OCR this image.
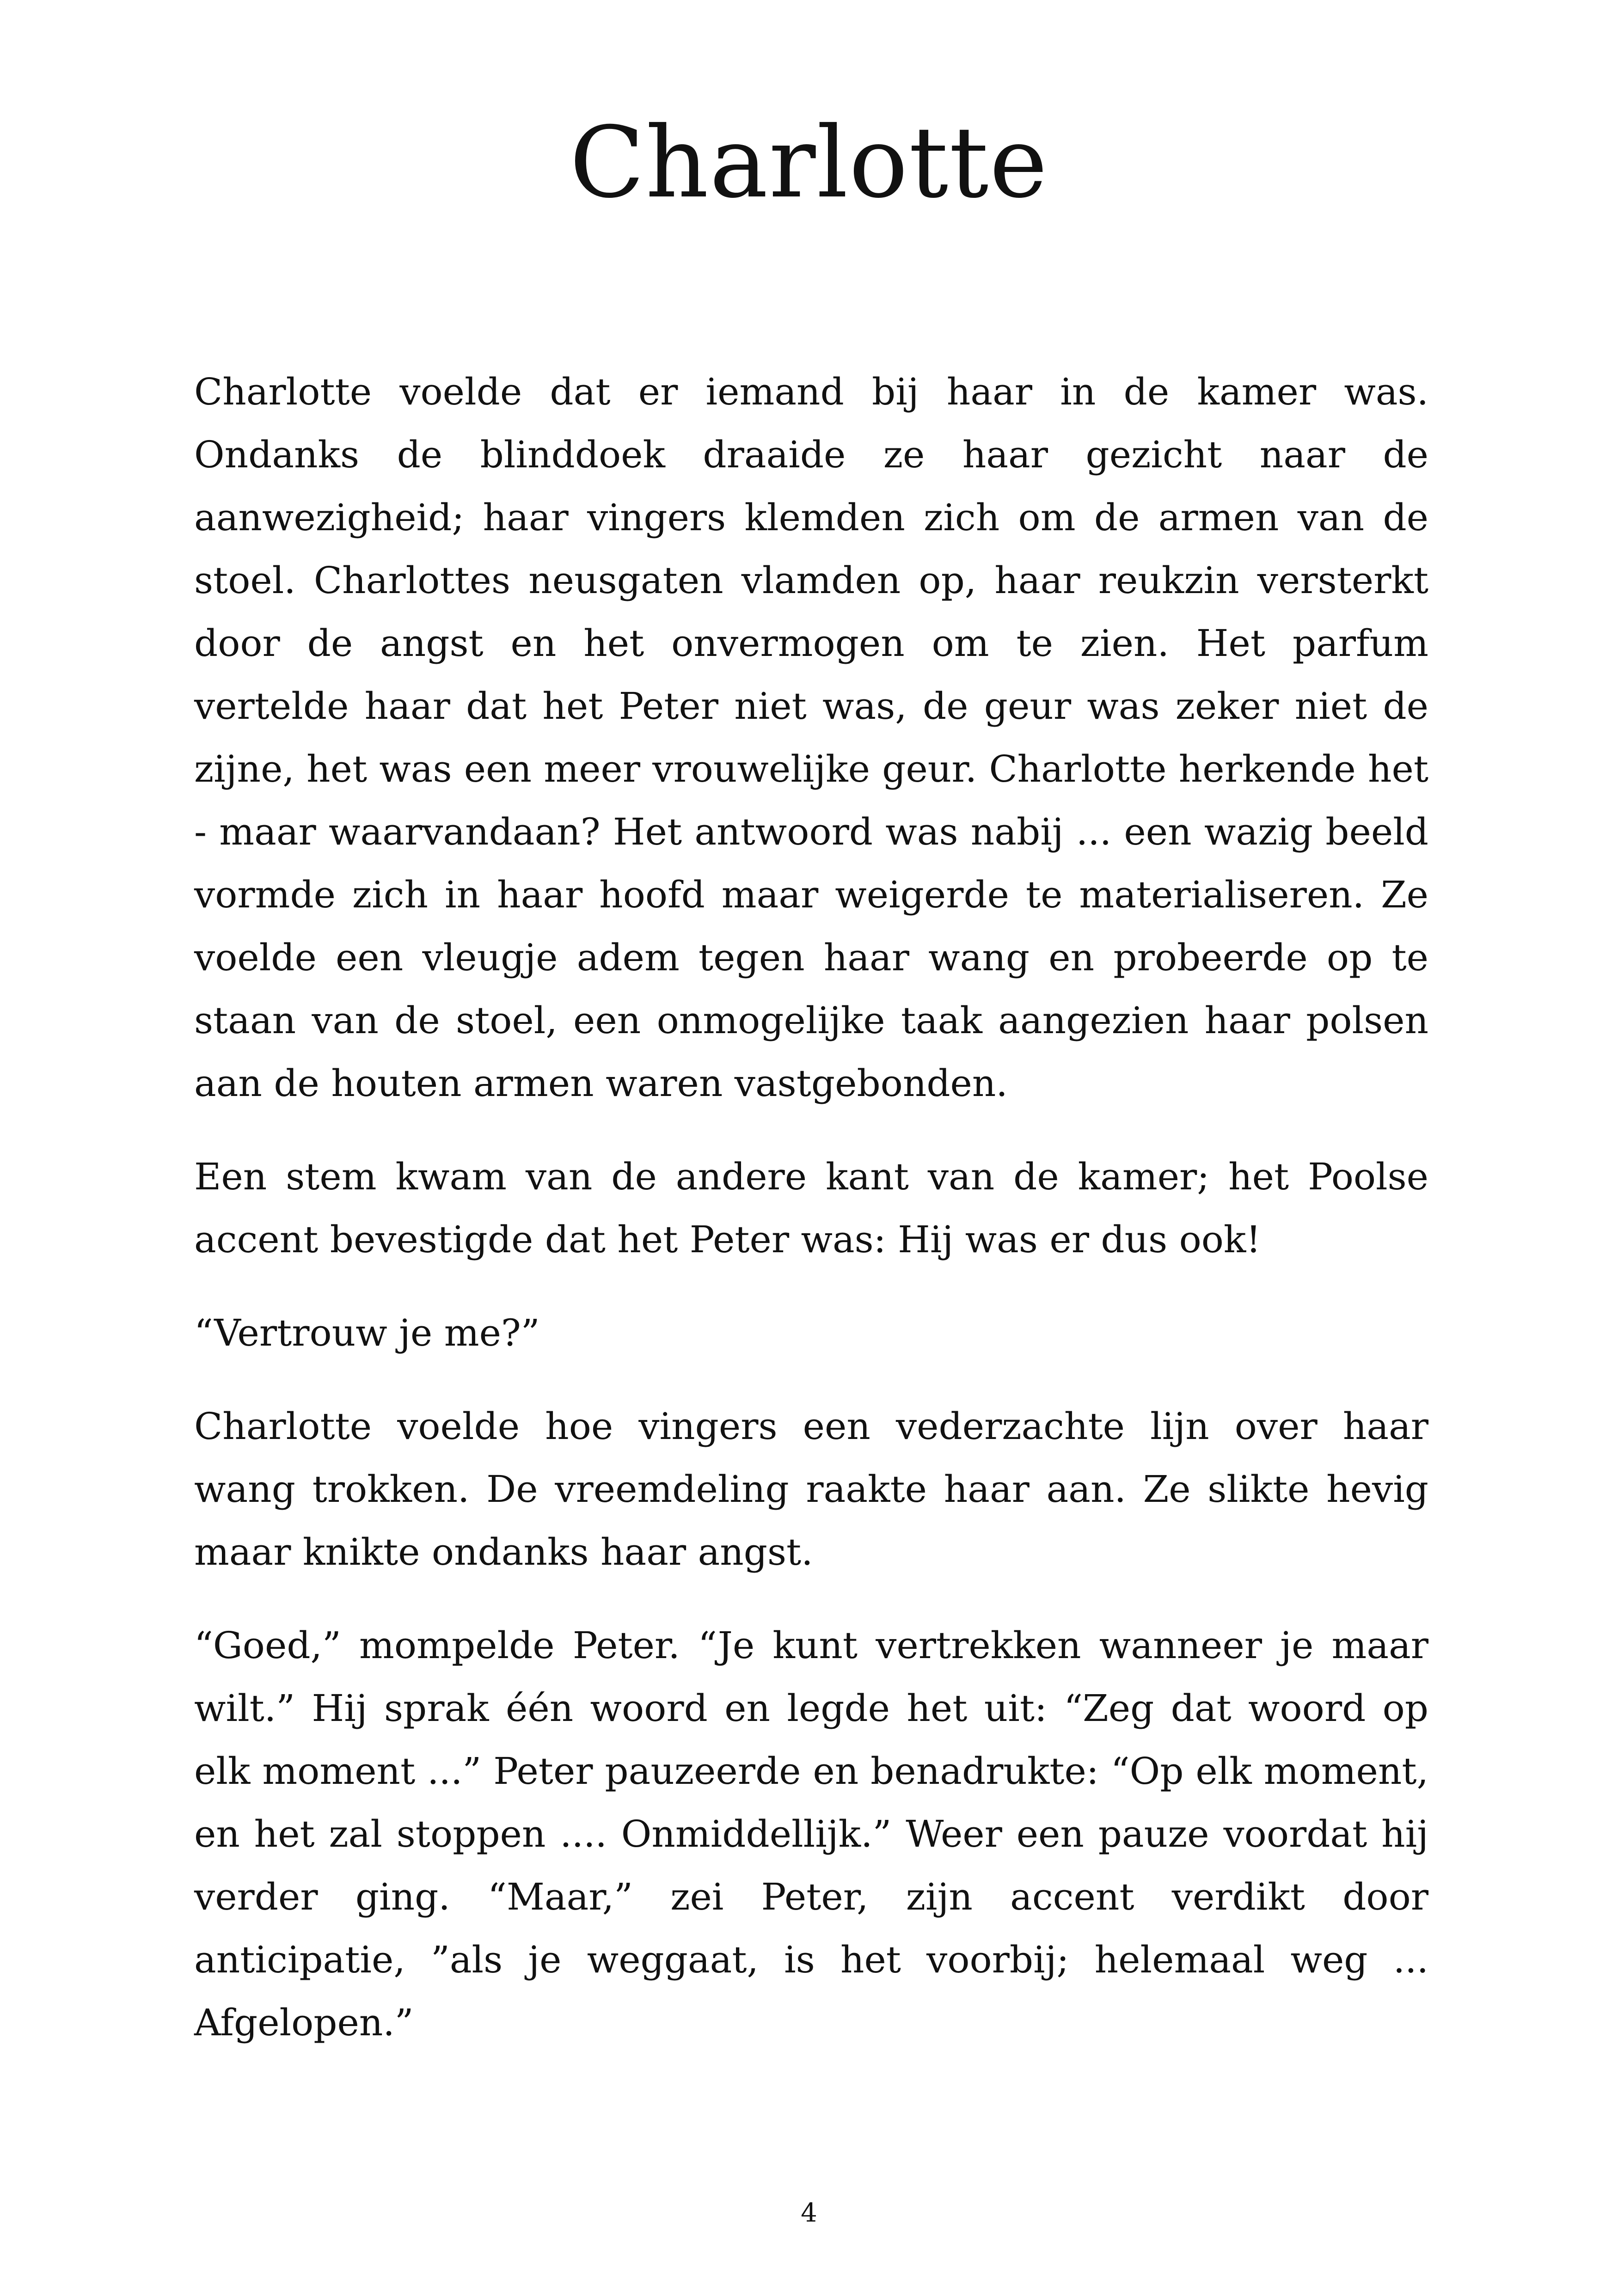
Charlotte

Charlotte voelde dat er iemand bij haar in de kamer was. Ondanks de blinddoek draaide ze haar gezicht naar de aanwezigheid; haar vingers klemden zich om de armen van de stoel. Charlottes neusgaten vlamden op, haar reukzin versterkt door de angst en het onvermogen om te zien. Het parfum vertelde haar dat het Peter niet was, de geur was zeker niet de zijne, het was een meer vrouwelijke geur. Charlotte herkende het - maar waarvandaan? Het antwoord was nabij ... een wazig beeld vormde zich in haar hoofd maar weigerde te materialiseren. Ze voelde een vleugje adem tegen haar wang en probeerde op te staan van de stoel, een onmogelijke taak aangezien haar polsen aan de houten armen waren vastgebonden.

Een stem kwam van de andere kant van de kamer; het Poolse accent bevestigde dat het Peter was: Hij was er dus ook!

“Vertrouw je me?”

Charlotte voelde hoe vingers een vederzachte lijn over haar wang trokken. De vreemdeling raakte haar aan. Ze slikte hevig maar knikte ondanks haar angst.

“Goed,” mompelde Peter. “Je kunt vertrekken wanneer je maar wilt.” Hij sprak één woord en legde het uit: “Zeg dat woord op elk moment ...” Peter pauzeerde en benadrukte: “Op elk moment, en het zal stoppen .... Onmiddellijk.” Weer een pauze voordat hij verder ging. “Maar,” zei Peter, zijn accent verdikt door anticipatie, ”als je weggaat, is het voorbij; helemaal weg ... Afgelopen.”

4
